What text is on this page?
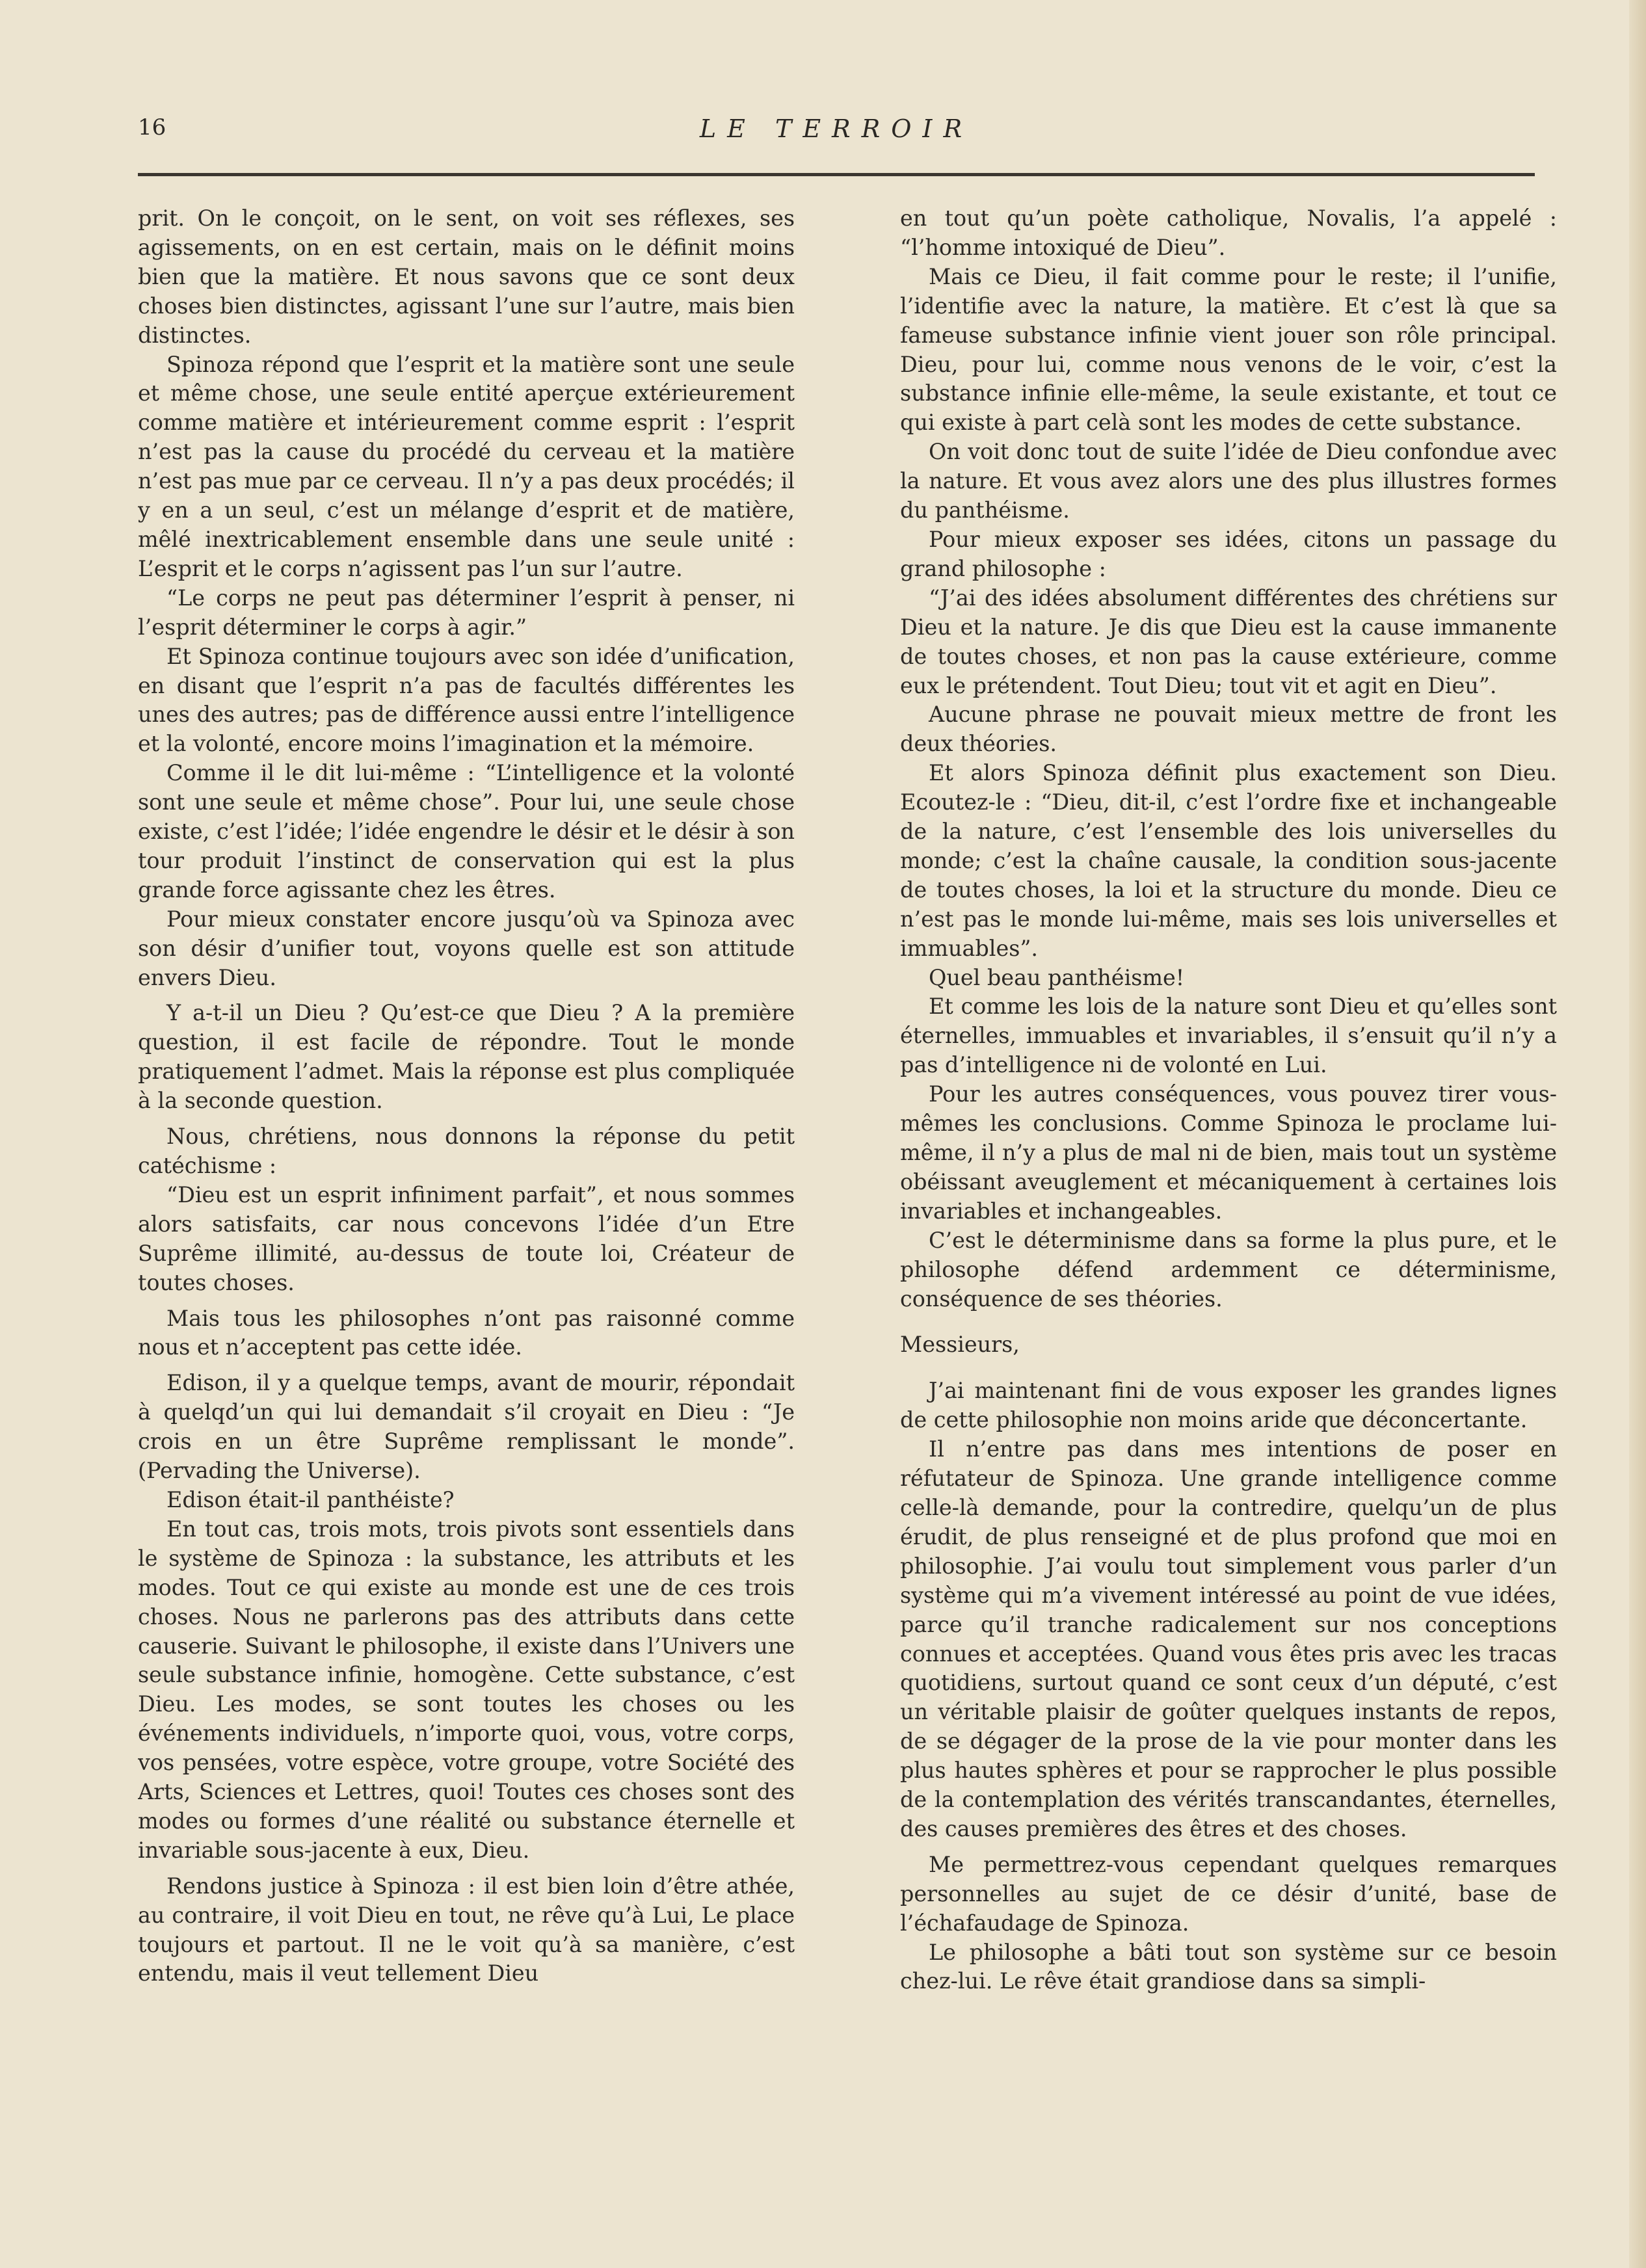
16	LE TERROIR

prit. On le conçoit, on le sent, on voit ses réflexes, ses agissements, on en est certain, mais on le définit moins bien que la matière. Et nous savons que ce sont deux choses bien distinctes, agissant l’une sur l’autre, mais bien distinctes.

Spinoza répond que l’esprit et la matière sont une seule et même chose, une seule entité aperçue extérieurement comme matière et intérieurement comme esprit : l’esprit n’est pas la cause du procédé du cerveau et la matière n’est pas mue par ce cerveau. Il n’y a pas deux procédés; il y en a un seul, c’est un mélange d’esprit et de matière, mêlé inextricablement ensemble dans une seule unité : L’esprit et le corps n’agissent pas l’un sur l’autre.

“Le corps ne peut pas déterminer l’esprit à penser, ni l’esprit déterminer le corps à agir.”

Et Spinoza continue toujours avec son idée d’unification, en disant que l’esprit n’a pas de facultés différentes les unes des autres; pas de différence aussi entre l’intelligence et la volonté, encore moins l’imagination et la mémoire.

Comme il le dit lui-même : “L’intelligence et la volonté sont une seule et même chose”. Pour lui, une seule chose existe, c’est l’idée; l’idée engendre le désir et le désir à son tour produit l’instinct de conservation qui est la plus grande force agissante chez les êtres.

Pour mieux constater encore jusqu’où va Spinoza avec son désir d’unifier tout, voyons quelle est son attitude envers Dieu.

Y a-t-il un Dieu ? Qu’est-ce que Dieu ? A la première question, il est facile de répondre. Tout le monde pratiquement l’admet. Mais la réponse est plus compliquée à la seconde question.

Nous, chrétiens, nous donnons la réponse du petit catéchisme :

“Dieu est un esprit infiniment parfait”, et nous sommes alors satisfaits, car nous concevons l’idée d’un Etre Suprême illimité, au-dessus de toute loi, Créateur de toutes choses.

Mais tous les philosophes n’ont pas raisonné comme nous et n’acceptent pas cette idée.

Edison, il y a quelque temps, avant de mourir, répondait à quelqd’un qui lui demandait s’il croyait en Dieu : “Je crois en un être Suprême remplissant le monde”. (Pervading the Universe).

Edison était-il panthéiste?

En tout cas, trois mots, trois pivots sont essentiels dans le système de Spinoza : la substance, les attributs et les modes. Tout ce qui existe au monde est une de ces trois choses. Nous ne parlerons pas des attributs dans cette causerie. Suivant le philosophe, il existe dans l’Univers une seule substance infinie, homogène. Cette substance, c’est Dieu. Les modes, se sont toutes les choses ou les événements individuels, n’importe quoi, vous, votre corps, vos pensées, votre espèce, votre groupe, votre Société des Arts, Sciences et Lettres, quoi! Toutes ces choses sont des modes ou formes d’une réalité ou substance éternelle et invariable sous-jacente à eux, Dieu.

Rendons justice à Spinoza : il est bien loin d’être athée, au contraire, il voit Dieu en tout, ne rêve qu’à Lui, Le place toujours et partout. Il ne le voit qu’à sa manière, c’est entendu, mais il veut tellement Dieu

en tout qu’un poète catholique, Novalis, l’a appelé : “l’homme intoxiqué de Dieu”.

Mais ce Dieu, il fait comme pour le reste; il l’unifie, l’identifie avec la nature, la matière. Et c’est là que sa fameuse substance infinie vient jouer son rôle principal. Dieu, pour lui, comme nous venons de le voir, c’est la substance infinie elle-même, la seule existante, et tout ce qui existe à part celà sont les modes de cette substance.

On voit donc tout de suite l’idée de Dieu confondue avec la nature. Et vous avez alors une des plus illustres formes du panthéisme.

Pour mieux exposer ses idées, citons un passage du grand philosophe :

“J’ai des idées absolument différentes des chrétiens sur Dieu et la nature. Je dis que Dieu est la cause immanente de toutes choses, et non pas la cause extérieure, comme eux le prétendent. Tout Dieu; tout vit et agit en Dieu”.

Aucune phrase ne pouvait mieux mettre de front les deux théories.

Et alors Spinoza définit plus exactement son Dieu. Ecoutez-le : “Dieu, dit-il, c’est l’ordre fixe et inchangeable de la nature, c’est l’ensemble des lois universelles du monde; c’est la chaîne causale, la condition sous-jacente de toutes choses, la loi et la structure du monde. Dieu ce n’est pas le monde lui-même, mais ses lois universelles et immuables”.

Quel beau panthéisme!

Et comme les lois de la nature sont Dieu et qu’elles sont éternelles, immuables et invariables, il s’ensuit qu’il n’y a pas d’intelligence ni de volonté en Lui.

Pour les autres conséquences, vous pouvez tirer vous-mêmes les conclusions. Comme Spinoza le proclame lui-même, il n’y a plus de mal ni de bien, mais tout un système obéissant aveuglement et mécaniquement à certaines lois invariables et inchangeables.

C’est le déterminisme dans sa forme la plus pure, et le philosophe défend ardemment ce déterminisme, conséquence de ses théories.

Messieurs,

J’ai maintenant fini de vous exposer les grandes lignes de cette philosophie non moins aride que déconcertante.

Il n’entre pas dans mes intentions de poser en réfutateur de Spinoza. Une grande intelligence comme celle-là demande, pour la contredire, quelqu’un de plus érudit, de plus renseigné et de plus profond que moi en philosophie. J’ai voulu tout simplement vous parler d’un système qui m’a vivement intéressé au point de vue idées, parce qu’il tranche radicalement sur nos conceptions connues et acceptées. Quand vous êtes pris avec les tracas quotidiens, surtout quand ce sont ceux d’un député, c’est un véritable plaisir de goûter quelques instants de repos, de se dégager de la prose de la vie pour monter dans les plus hautes sphères et pour se rapprocher le plus possible de la contemplation des vérités transcandantes, éternelles, des causes premières des êtres et des choses.

Me permettrez-vous cependant quelques remarques personnelles au sujet de ce désir d’unité, base de l’échafaudage de Spinoza.

Le philosophe a bâti tout son système sur ce besoin chez-lui. Le rêve était grandiose dans sa simpli-
